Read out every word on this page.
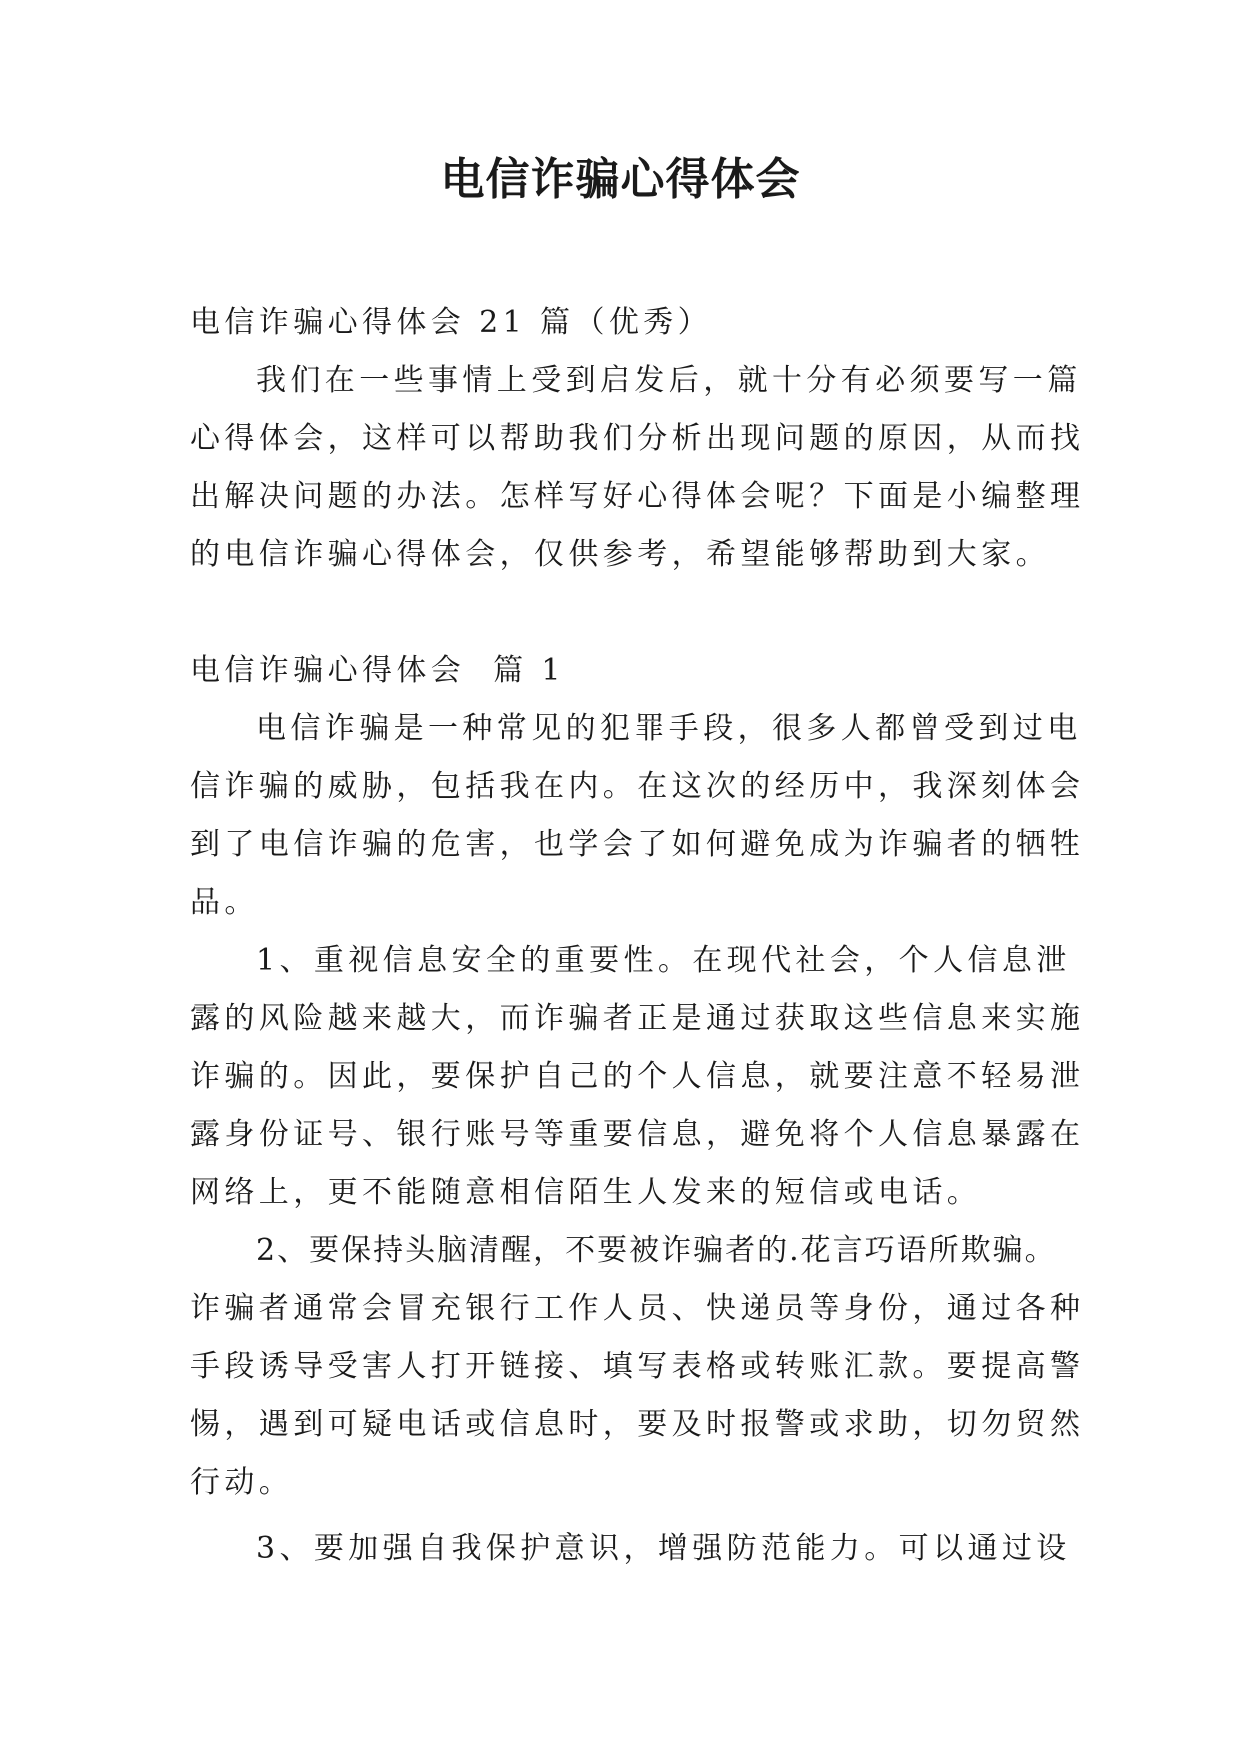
电信诈骗心得体会

电信诈骗心得体会 21 篇（优秀）

我们在一些事情上受到启发后，就十分有必须要写一篇

心得体会，这样可以帮助我们分析出现问题的原因，从而找

出解决问题的办法。怎样写好心得体会呢？下面是小编整理

的电信诈骗心得体会，仅供参考，希望能够帮助到大家。

电信诈骗心得体会  篇 1

电信诈骗是一种常见的犯罪手段，很多人都曾受到过电

信诈骗的威胁，包括我在内。在这次的经历中，我深刻体会

到了电信诈骗的危害，也学会了如何避免成为诈骗者的牺牲

品。

1、重视信息安全的重要性。在现代社会，个人信息泄

露的风险越来越大，而诈骗者正是通过获取这些信息来实施

诈骗的。因此，要保护自己的个人信息，就要注意不轻易泄

露身份证号、银行账号等重要信息，避免将个人信息暴露在

网络上，更不能随意相信陌生人发来的短信或电话。

2、要保持头脑清醒，不要被诈骗者的.花言巧语所欺骗。

诈骗者通常会冒充银行工作人员、快递员等身份，通过各种

手段诱导受害人打开链接、填写表格或转账汇款。要提高警

惕，遇到可疑电话或信息时，要及时报警或求助，切勿贸然

行动。

3、要加强自我保护意识，增强防范能力。可以通过设
